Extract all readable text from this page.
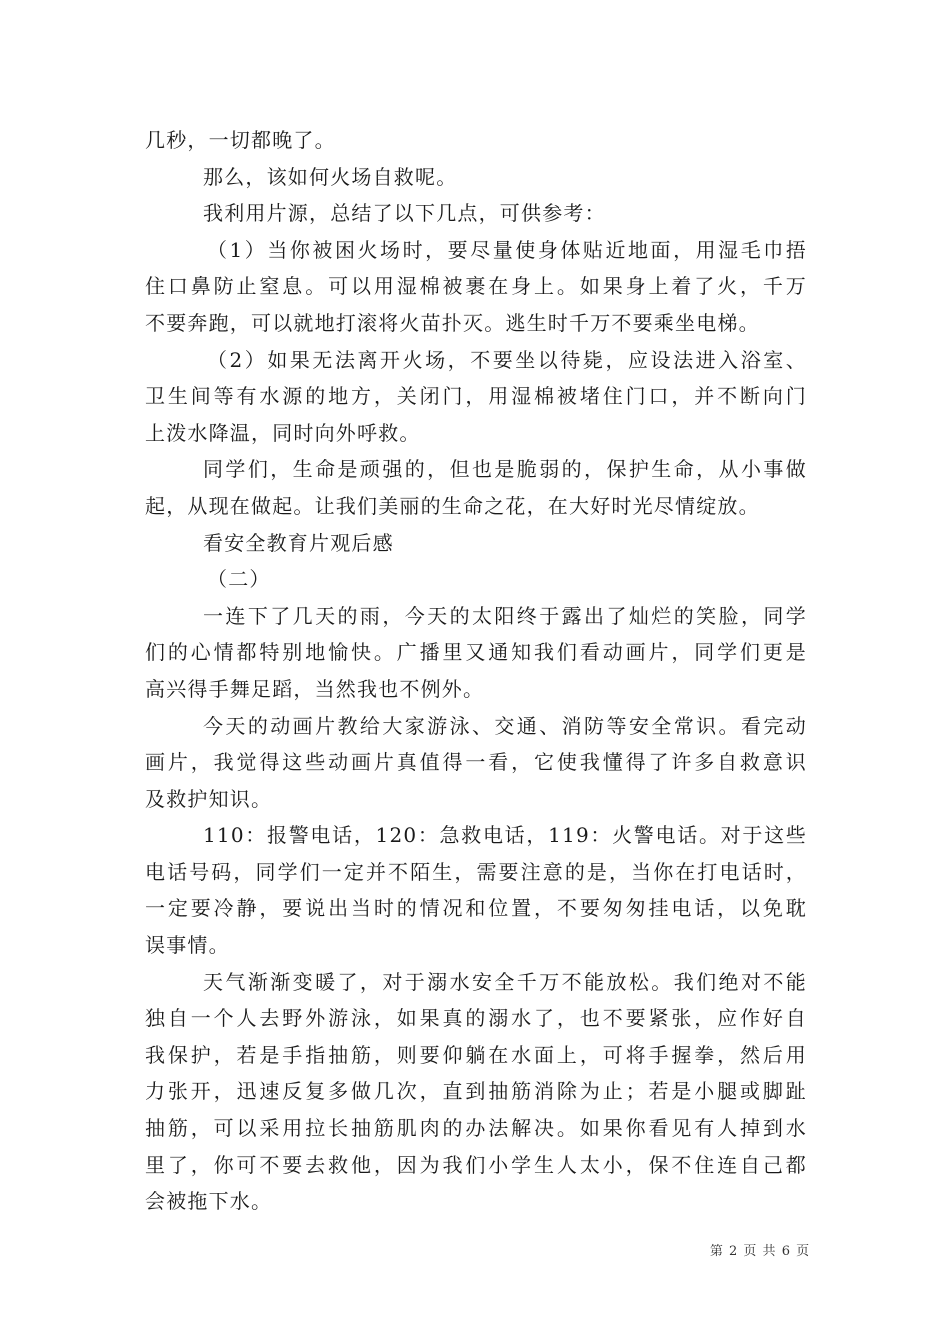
几秒，一切都晚了。
那么，该如何火场自救呢。
我利用片源，总结了以下几点，可供参考：
（1）当你被困火场时，要尽量使身体贴近地面，用湿毛巾捂
住口鼻防止窒息。可以用湿棉被裹在身上。如果身上着了火，千万
不要奔跑，可以就地打滚将火苗扑灭。逃生时千万不要乘坐电梯。
（2）如果无法离开火场，不要坐以待毙，应设法进入浴室、
卫生间等有水源的地方，关闭门，用湿棉被堵住门口，并不断向门
上泼水降温，同时向外呼救。
同学们，生命是顽强的，但也是脆弱的，保护生命，从小事做
起，从现在做起。让我们美丽的生命之花，在大好时光尽情绽放。
看安全教育片观后感
（二）
一连下了几天的雨，今天的太阳终于露出了灿烂的笑脸，同学
们的心情都特别地愉快。广播里又通知我们看动画片，同学们更是
高兴得手舞足蹈，当然我也不例外。
今天的动画片教给大家游泳、交通、消防等安全常识。看完动
画片，我觉得这些动画片真值得一看，它使我懂得了许多自救意识
及救护知识。
110：报警电话，120：急救电话，119：火警电话。对于这些
电话号码，同学们一定并不陌生，需要注意的是，当你在打电话时，
一定要冷静，要说出当时的情况和位置，不要匆匆挂电话，以免耽
误事情。
天气渐渐变暖了，对于溺水安全千万不能放松。我们绝对不能
独自一个人去野外游泳，如果真的溺水了，也不要紧张，应作好自
我保护，若是手指抽筋，则要仰躺在水面上，可将手握拳，然后用
力张开，迅速反复多做几次，直到抽筋消除为止；若是小腿或脚趾
抽筋，可以采用拉长抽筋肌肉的办法解决。如果你看见有人掉到水
里了，你可不要去救他，因为我们小学生人太小，保不住连自己都
会被拖下水。
第 2 页 共 6 页
